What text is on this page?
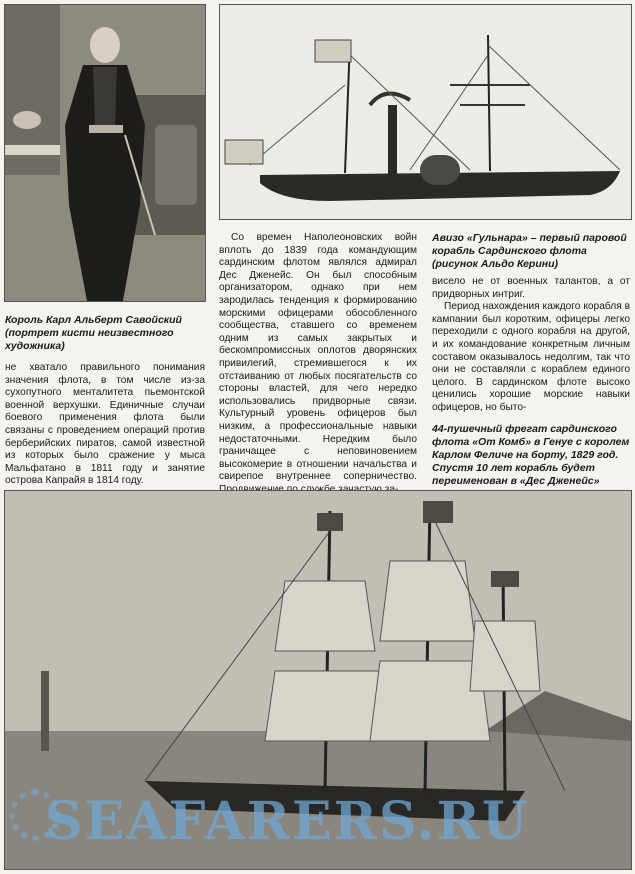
Король Карл Альберт Савойский (портрет кисти неизвестного художника)

не хватало правильного понимания значения флота, в том числе из-за сухопутного менталитета пьемонтской военной верхушки. Единичные случаи боевого применения флота были связаны с проведением операций против берберийских пиратов, самой известной из которых было сражение у мыса Мальфатано в 1811 году и занятие острова Капрайя в 1814 году.

Со времен Наполеоновских войн вплоть до 1839 года командующим сардинским флотом являлся адмирал Дес Дженейс. Он был способным организатором, однако при нем зародилась тенденция к формированию морскими офицерами обособленного сообщества, ставшего со временем одним из самых закрытых и бескомпромиссных оплотов дворянских привилегий, стремившегося к их отстаиванию от любых посягательств со стороны властей, для чего нередко использовались придворные связи. Культурный уровень офицеров был низким, а профессиональные навыки недостаточными. Нередким было граничащее с неповиновением высокомерие в отношении начальства и свирепое внутреннее соперничество.

Авизо «Гульнара» – первый паровой корабль Сардинского флота (рисунок Альдо Керини)

висело не от военных талантов, а от придворных интриг.

Период нахождения каждого корабля в кампании был коротким, офицеры легко переходили с одного корабля на другой, и их командование конкретным личным составом оказывалось недолгим, так что они не составляли с кораблем единого целого. В сардинском флоте высоко ценились хорошие морские навыки офицеров, но быто-

44-пушечный фрегат сардинского флота «От Комб» в Генуе с королем Карлом Феличе на борту, 1829 год. Спустя 10 лет корабль будет переименован в «Дес Дженейс»
SEAFARERS.RU
